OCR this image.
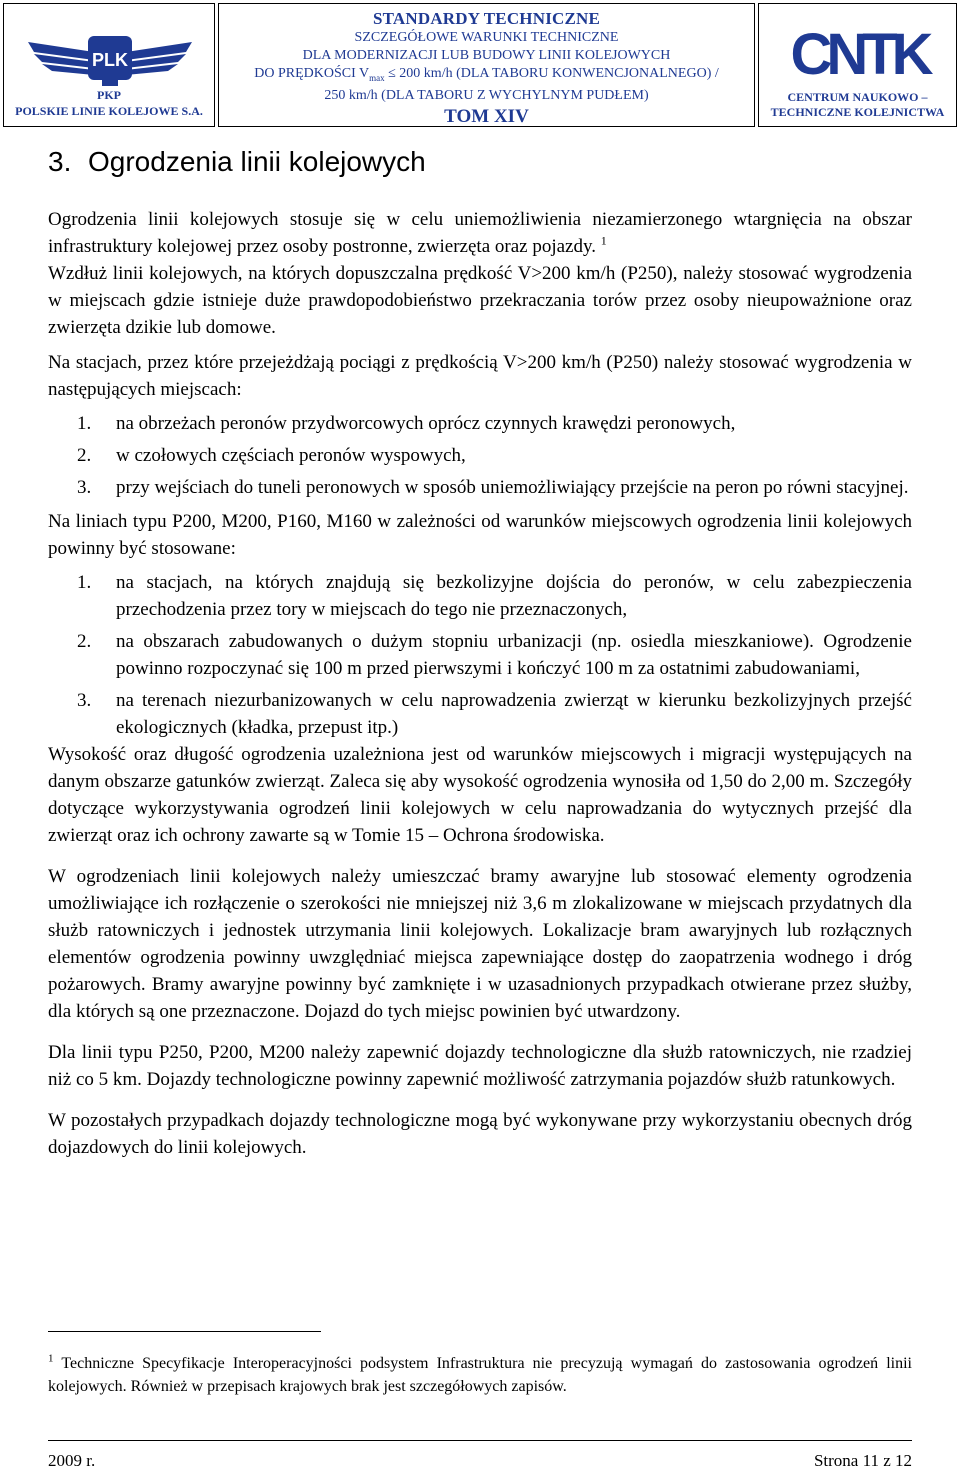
PLK
PKP
POLSKIE LINIE KOLEJOWE S.A.
STANDARDY TECHNICZNE
SZCZEGÓŁOWE WARUNKI TECHNICZNE
DLA MODERNIZACJI LUB BUDOWY LINII KOLEJOWYCH
DO PRĘDKOŚCI $V_{max} \le 200$ km/h (DLA TABORU KONWENCJONALNEGO) /
250 km/h (DLA TABORU Z WYCHYLNYM PUDŁEM)
TOM XIV
CNTK
CENTRUM NAUKOWO –
TECHNICZNE KOLEJNICTWA
3. Ogrodzenia linii kolejowych

Ogrodzenia linii kolejowych stosuje się w celu uniemożliwienia niezamierzonego wtargnięcia na obszar infrastruktury kolejowej przez osoby postronne, zwierzęta oraz pojazdy. $^1$

Wzdłuż linii kolejowych, na których dopuszczalna prędkość V>200 km/h (P250), należy stosować wygrodzenia w miejscach gdzie istnieje duże prawdopodobieństwo przekraczania torów przez osoby nieupoważnione oraz zwierzęta dzikie lub domowe.

Na stacjach, przez które przejeżdżają pociągi z prędkością V>200 km/h (P250) należy stosować wygrodzenia w następujących miejscach:

1. na obrzeżach peronów przydworcowych oprócz czynnych krawędzi peronowych,
2. w czołowych częściach peronów wyspowych,
3. przy wejściach do tuneli peronowych w sposób uniemożliwiający przejście na peron po równi stacyjnej.

Na liniach typu P200, M200, P160, M160 w zależności od warunków miejscowych ogrodzenia linii kolejowych powinny być stosowane:

1. na stacjach, na których znajdują się bezkolizyjne dojścia do peronów, w celu zabezpieczenia przechodzenia przez tory w miejscach do tego nie przeznaczonych,
2. na obszarach zabudowanych o dużym stopniu urbanizacji (np. osiedla mieszkaniowe). Ogrodzenie powinno rozpoczynać się 100 m przed pierwszymi i kończyć 100 m za ostatnimi zabudowaniami,
3. na terenach niezurbanizowanych w celu naprowadzenia zwierząt w kierunku bezkolizyjnych przejść ekologicznych (kładka, przepust itp.)

Wysokość oraz długość ogrodzenia uzależniona jest od warunków miejscowych i migracji występujących na danym obszarze gatunków zwierząt. Zaleca się aby wysokość ogrodzenia wynosiła od 1,50 do 2,00 m. Szczegóły dotyczące wykorzystywania ogrodzeń linii kolejowych w celu naprowadzania do wytycznych przejść dla zwierząt oraz ich ochrony zawarte są w Tomie 15 – Ochrona środowiska.

W ogrodzeniach linii kolejowych należy umieszczać bramy awaryjne lub stosować elementy ogrodzenia umożliwiające ich rozłączenie o szerokości nie mniejszej niż 3,6 m zlokalizowane w miejscach przydatnych dla służb ratowniczych i jednostek utrzymania linii kolejowych. Lokalizacje bram awaryjnych lub rozłącznych elementów ogrodzenia powinny uwzględniać miejsca zapewniające dostęp do zaopatrzenia wodnego i dróg pożarowych. Bramy awaryjne powinny być zamknięte i w uzasadnionych przypadkach otwierane przez służby, dla których są one przeznaczone. Dojazd do tych miejsc powinien być utwardzony.

Dla linii typu P250, P200, M200 należy zapewnić dojazdy technologiczne dla służb ratowniczych, nie rzadziej niż co 5 km. Dojazdy technologiczne powinny zapewnić możliwość zatrzymania pojazdów służb ratunkowych.

W pozostałych przypadkach dojazdy technologiczne mogą być wykonywane przy wykorzystaniu obecnych dróg dojazdowych do linii kolejowych.

$^1$ Techniczne Specyfikacje Interoperacyjności podsystem Infrastruktura nie precyzują wymagań do zastosowania ogrodzeń linii kolejowych. Również w przepisach krajowych brak jest szczegółowych zapisów.
2009 r.	Strona 11 z 12
